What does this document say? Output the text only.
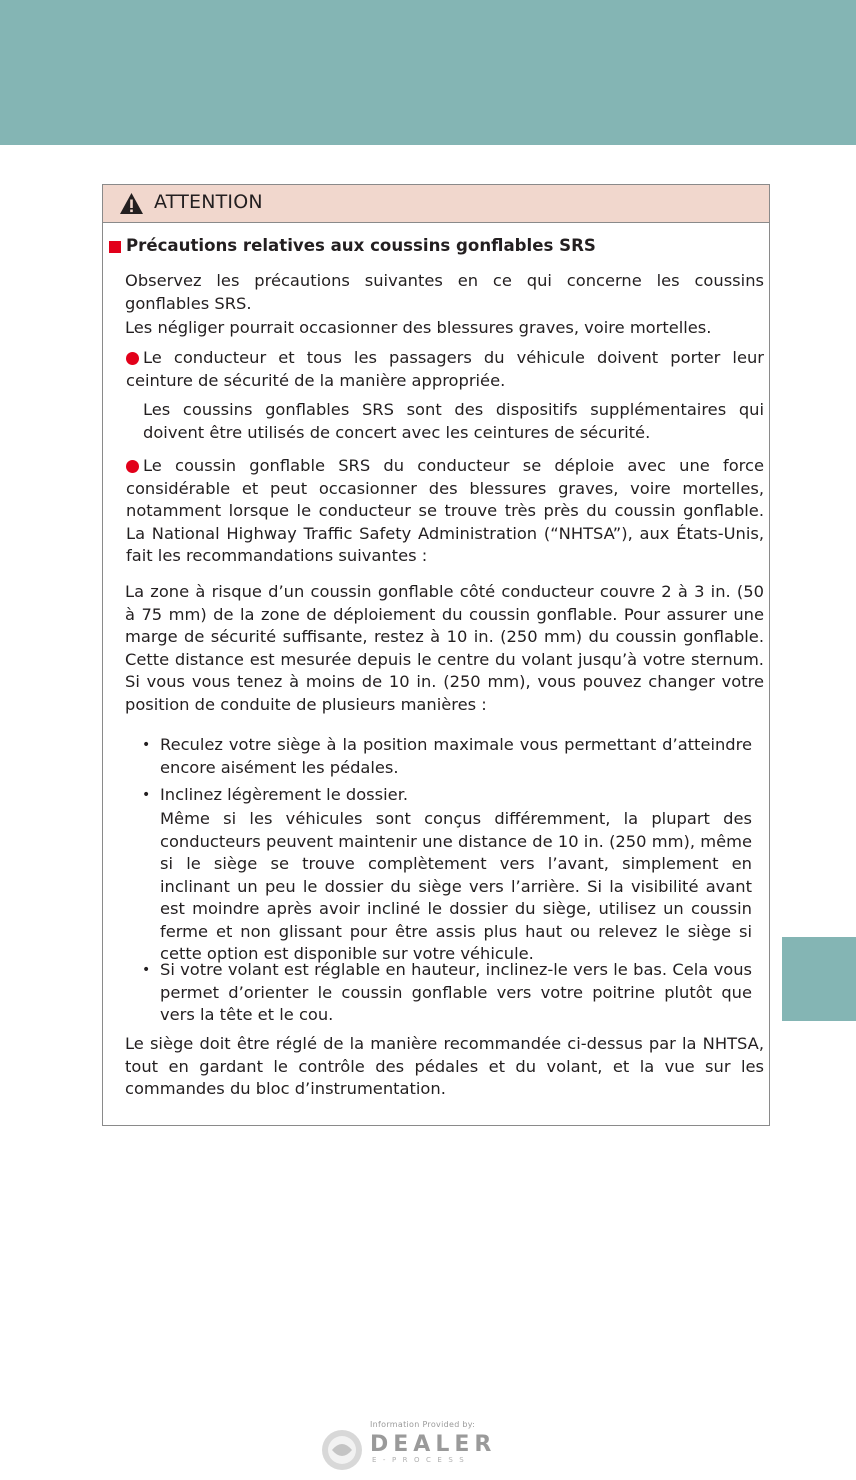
ATTENTION
Précautions relatives aux coussins gonflables SRS

Observez les précautions suivantes en ce qui concerne les coussins gonflables SRS.

Les négliger pourrait occasionner des blessures graves, voire mortelles.

Le conducteur et tous les passagers du véhicule doivent porter leur ceinture de sécurité de la manière appropriée.

Les coussins gonflables SRS sont des dispositifs supplémentaires qui doivent être utilisés de concert avec les ceintures de sécurité.

Le coussin gonflable SRS du conducteur se déploie avec une force considérable et peut occasionner des blessures graves, voire mortelles, notamment lorsque le conducteur se trouve très près du coussin gonflable. La National Highway Traffic Safety Administration (“NHTSA”), aux États-Unis, fait les recommandations suivantes :

La zone à risque d’un coussin gonflable côté conducteur couvre 2 à 3 in. (50 à 75 mm) de la zone de déploiement du coussin gonflable. Pour assurer une marge de sécurité suffisante, restez à 10 in. (250 mm) du coussin gonflable. Cette distance est mesurée depuis le centre du volant jusqu’à votre sternum. Si vous vous tenez à moins de 10 in. (250 mm), vous pouvez changer votre position de conduite de plusieurs manières :

• Reculez votre siège à la position maximale vous permettant d’atteindre encore aisément les pédales.

• Inclinez légèrement le dossier.

Même si les véhicules sont conçus différemment, la plupart des conducteurs peuvent maintenir une distance de 10 in. (250 mm), même si le siège se trouve complètement vers l’avant, simplement en inclinant un peu le dossier du siège vers l’arrière. Si la visibilité avant est moindre après avoir incliné le dossier du siège, utilisez un coussin ferme et non glissant pour être assis plus haut ou relevez le siège si cette option est disponible sur votre véhicule.

• Si votre volant est réglable en hauteur, inclinez-le vers le bas. Cela vous permet d’orienter le coussin gonflable vers votre poitrine plutôt que vers la tête et le cou.

Le siège doit être réglé de la manière recommandée ci-dessus par la NHTSA, tout en gardant le contrôle des pédales et du volant, et la vue sur les commandes du bloc d’instrumentation.

Information Provided by:
DEALER
E-PROCESS
